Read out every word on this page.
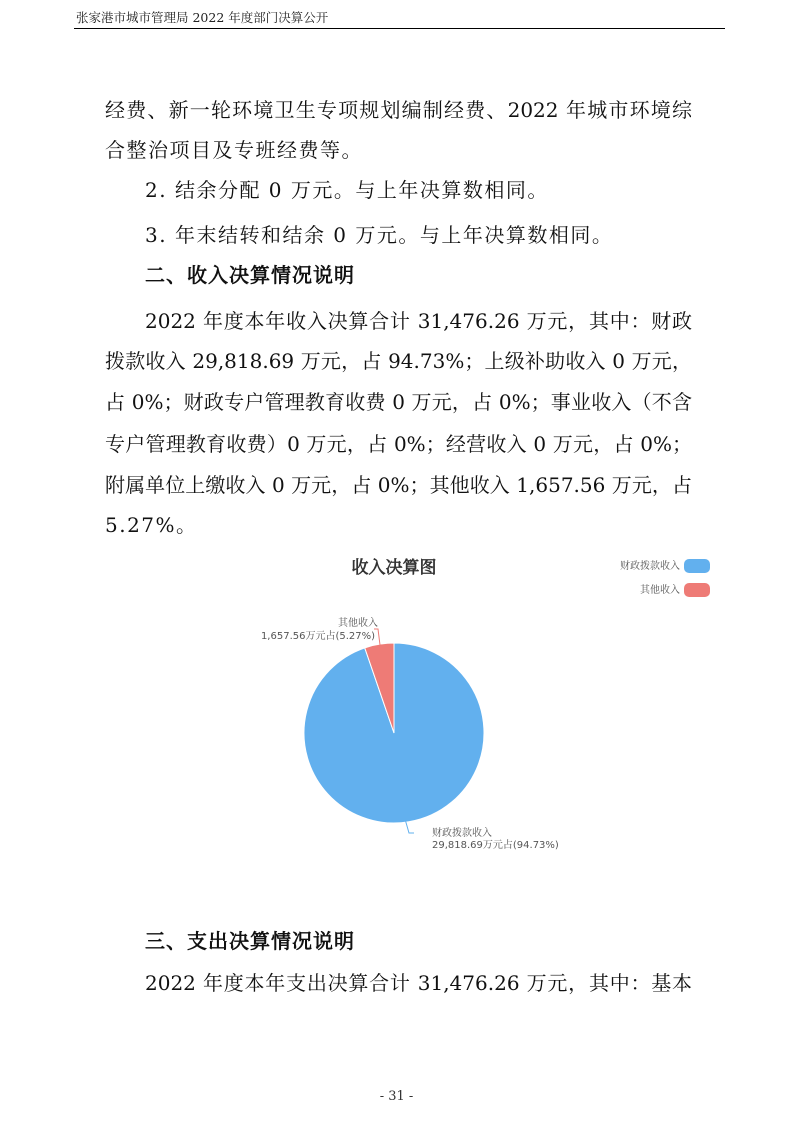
张家港市城市管理局 2022 年度部门决算公开
经费、新一轮环境卫生专项规划编制经费、2022 年城市环境综
合整治项目及专班经费等。
2. 结余分配 0 万元。与上年决算数相同。
3. 年末结转和结余 0 万元。与上年决算数相同。
二、收入决算情况说明
2022 年度本年收入决算合计 31,476.26 万元，其中：财政
拨款收入 29,818.69 万元，占 94.73%；上级补助收入 0 万元，
占 0%；财政专户管理教育收费 0 万元，占 0%；事业收入（不含
专户管理教育收费）0 万元，占 0%；经营收入 0 万元，占 0%；
附属单位上缴收入 0 万元，占 0%；其他收入 1,657.56 万元，占
5.27%。
收入决算图	财政拨款收入
其他收入
其他收入
1,657.56万元占(5.27%)
财政拨款收入
29,818.69万元占(94.73%)
三、支出决算情况说明
2022 年度本年支出决算合计 31,476.26 万元，其中：基本
- 31 -
